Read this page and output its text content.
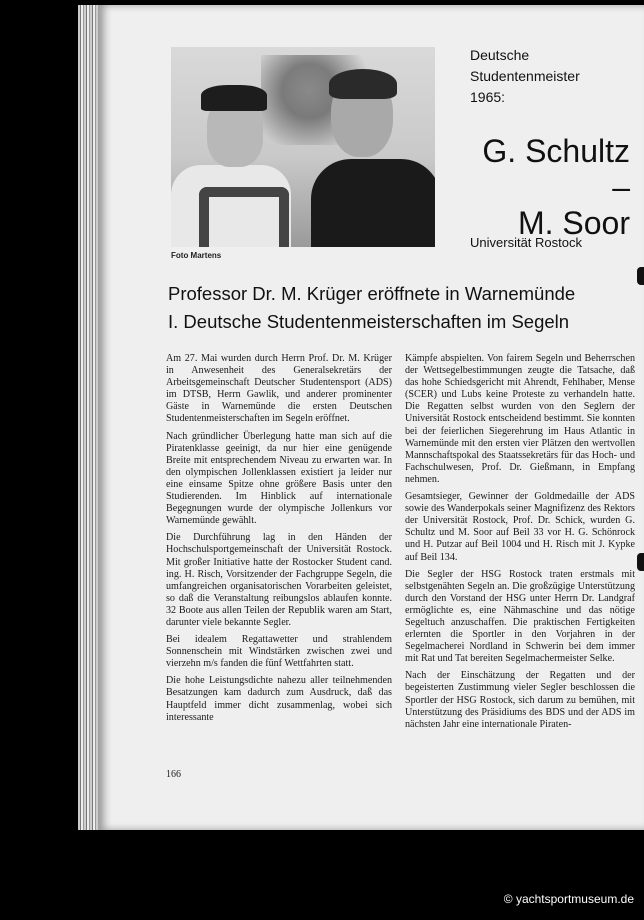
Foto Martens
Deutsche
Studentenmeister
1965:
G. Schultz –
M. Soor
Universität Rostock
Professor Dr. M. Krüger eröffnete in Warnemünde
I. Deutsche Studentenmeisterschaften im Segeln

Am 27. Mai wurden durch Herrn Prof. Dr. M. Krüger in Anwesenheit des Generalsekretärs der Arbeitsgemeinschaft Deutscher Studentensport (ADS) im DTSB, Herrn Gawlik, und anderer prominenter Gäste in Warnemünde die ersten Deutschen Studentenmeisterschaften im Segeln eröffnet.

Nach gründlicher Überlegung hatte man sich auf die Piratenklasse geeinigt, da nur hier eine genügende Breite mit entsprechendem Niveau zu erwarten war. In den olympischen Jollenklassen existiert ja leider nur eine einsame Spitze ohne größere Basis unter den Studierenden. Im Hinblick auf internationale Begegnungen wurde der olympische Jollenkurs vor Warnemünde gewählt.

Die Durchführung lag in den Händen der Hochschulsportgemeinschaft der Universität Rostock. Mit großer Initiative hatte der Rostocker Student cand. ing. H. Risch, Vorsitzender der Fachgruppe Segeln, die umfangreichen organisatorischen Vorarbeiten geleistet, so daß die Veranstaltung reibungslos ablaufen konnte. 32 Boote aus allen Teilen der Republik waren am Start, darunter viele bekannte Segler.

Bei idealem Regattawetter und strahlendem Sonnenschein mit Windstärken zwischen zwei und vierzehn m/s fanden die fünf Wettfahrten statt.

Die hohe Leistungsdichte nahezu aller teilnehmenden Besatzungen kam dadurch zum Ausdruck, daß das Hauptfeld immer dicht zusammenlag, wobei sich interessante

Kämpfe abspielten. Von fairem Segeln und Beherrschen der Wettsegelbestimmungen zeugte die Tatsache, daß das hohe Schiedsgericht mit Ahrendt, Fehlhaber, Mense (SCER) und Lubs keine Proteste zu verhandeln hatte. Die Regatten selbst wurden von den Seglern der Universität Rostock entscheidend bestimmt. Sie konnten bei der feierlichen Siegerehrung im Haus Atlantic in Warnemünde mit den ersten vier Plätzen den wertvollen Mannschaftspokal des Staatssekretärs für das Hoch- und Fachschulwesen, Prof. Dr. Gießmann, in Empfang nehmen.

Gesamtsieger, Gewinner der Goldmedaille der ADS sowie des Wanderpokals seiner Magnifizenz des Rektors der Universität Rostock, Prof. Dr. Schick, wurden G. Schultz und M. Soor auf Beil 33 vor H. G. Schönrock und H. Putzar auf Beil 1004 und H. Risch mit J. Kypke auf Beil 134.

Die Segler der HSG Rostock traten erstmals mit selbstgenähten Segeln an. Die großzügige Unterstützung durch den Vorstand der HSG unter Herrn Dr. Landgraf ermöglichte es, eine Nähmaschine und das nötige Segeltuch anzuschaffen. Die praktischen Fertigkeiten erlernten die Sportler in den Vorjahren in der Segelmacherei Nordland in Schwerin bei dem immer mit Rat und Tat bereiten Segelmachermeister Selke.

Nach der Einschätzung der Regatten und der begeisterten Zustimmung vieler Segler beschlossen die Sportler der HSG Rostock, sich darum zu bemühen, mit Unterstützung des Präsidiums des BDS und der ADS im nächsten Jahr eine internationale Piraten-

166
© yachtsportmuseum.de
